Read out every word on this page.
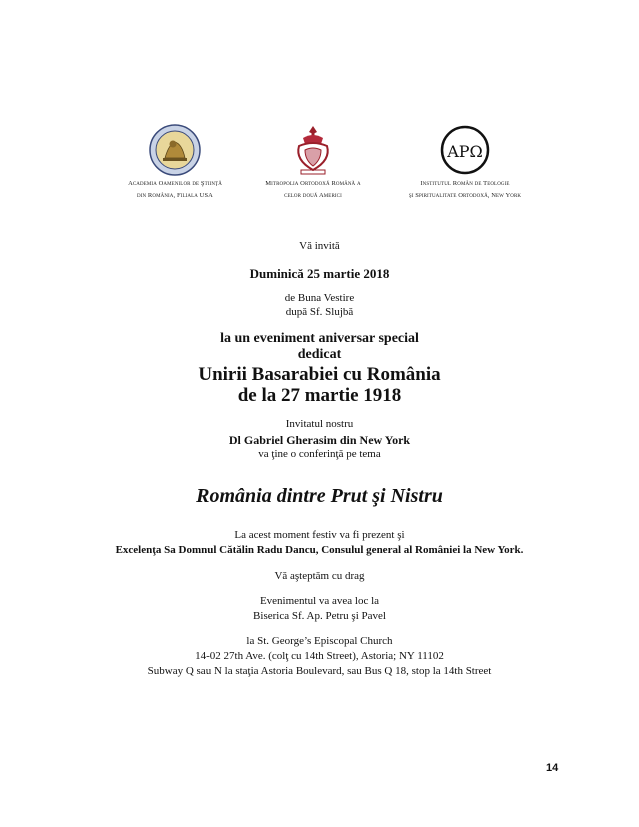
Academia Oamenilor de Ştiinţă
din România, Filiala USA
Mitropolia Ortodoxă Română a
celor două Americi
ΑΡΩ
Institutul Român de Teologie
şi Spiritualitate Ortodoxă, New York
Vă invită
Duminică 25 martie 2018
de Buna Vestire
după Sf. Slujbă
la un eveniment aniversar special
dedicat
Unirii Basarabiei cu România
de la 27 martie 1918
Invitatul nostru
Dl Gabriel Gherasim din New York
va ţine o conferinţă pe tema
România dintre Prut şi Nistru
La acest moment festiv va fi prezent şi
Excelenţa Sa Domnul Cătălin Radu Dancu, Consulul general al României la New York.
Vă aşteptăm cu drag
Evenimentul va avea loc la
Biserica Sf. Ap. Petru şi Pavel
la St. George’s Episcopal Church
14-02 27th Ave. (colţ cu 14th Street), Astoria; NY 11102
Subway Q sau N la staţia Astoria Boulevard, sau Bus Q 18, stop la 14th Street
14
